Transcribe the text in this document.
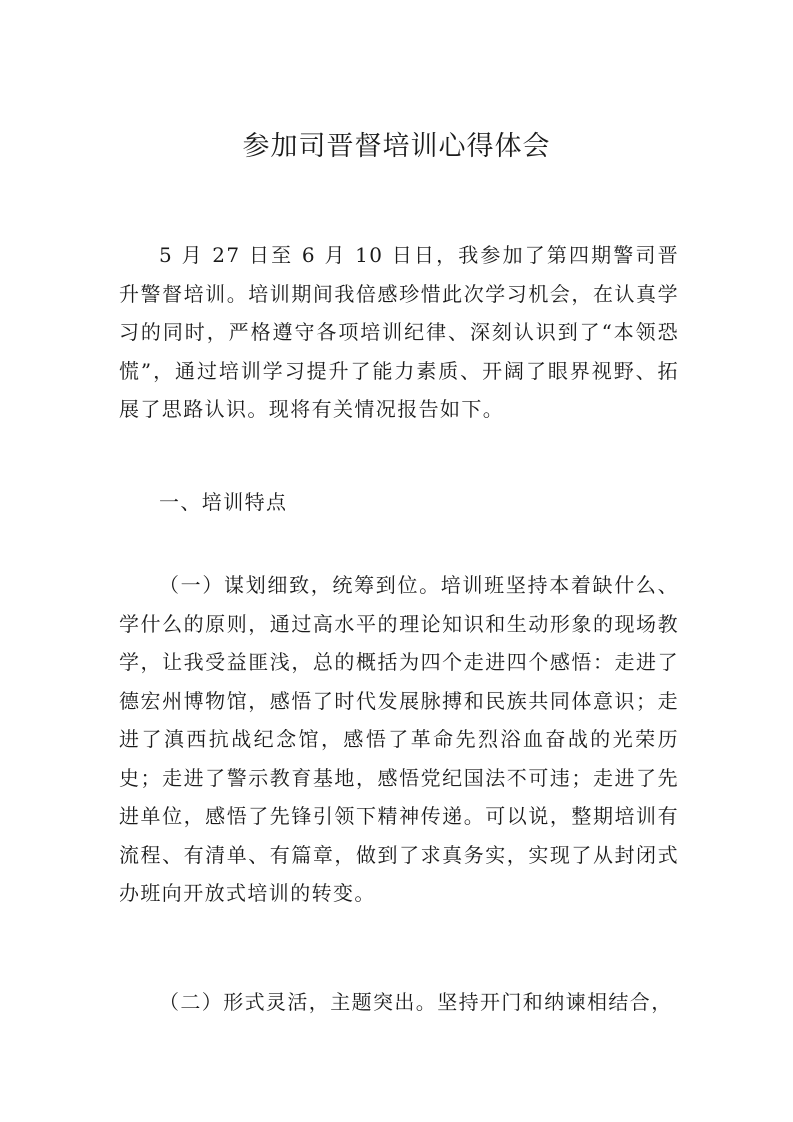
参加司晋督培训心得体会

5 月 27 日至 6 月 10 日日，我参加了第四期警司晋升警督培训。培训期间我倍感珍惜此次学习机会，在认真学习的同时，严格遵守各项培训纪律、深刻认识到了“本领恐慌”，通过培训学习提升了能力素质、开阔了眼界视野、拓展了思路认识。现将有关情况报告如下。

一、培训特点

（一）谋划细致，统筹到位。培训班坚持本着缺什么、学什么的原则，通过高水平的理论知识和生动形象的现场教学，让我受益匪浅，总的概括为四个走进四个感悟：走进了德宏州博物馆，感悟了时代发展脉搏和民族共同体意识；走进了滇西抗战纪念馆，感悟了革命先烈浴血奋战的光荣历史；走进了警示教育基地，感悟党纪国法不可违；走进了先进单位，感悟了先锋引领下精神传递。可以说，整期培训有流程、有清单、有篇章，做到了求真务实，实现了从封闭式办班向开放式培训的转变。

（二）形式灵活，主题突出。坚持开门和纳谏相结合，
